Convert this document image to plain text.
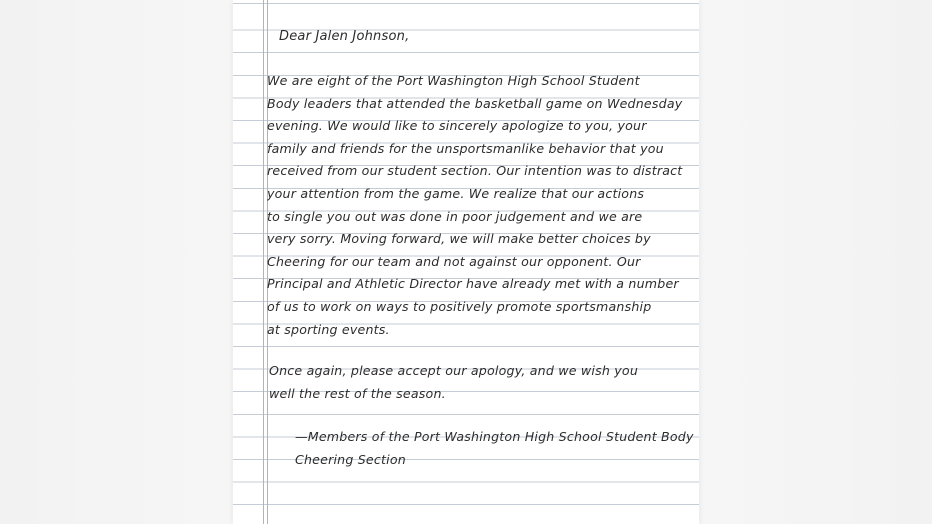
Dear Jalen Johnson,
We are eight of the Port Washington High School Student
Body leaders that attended the basketball game on Wednesday
evening. We would like to sincerely apologize to you, your
family and friends for the unsportsmanlike behavior that you
received from our student section. Our intention was to distract
your attention from the game. We realize that our actions
to single you out was done in poor judgement and we are
very sorry. Moving forward, we will make better choices by
Cheering for our team and not against our opponent. Our
Principal and Athletic Director have already met with a number
of us to work on ways to positively promote sportsmanship
at sporting events.
Once again, please accept our apology, and we wish you
well the rest of the season.
—Members of the Port Washington High School Student Body
Cheering Section
